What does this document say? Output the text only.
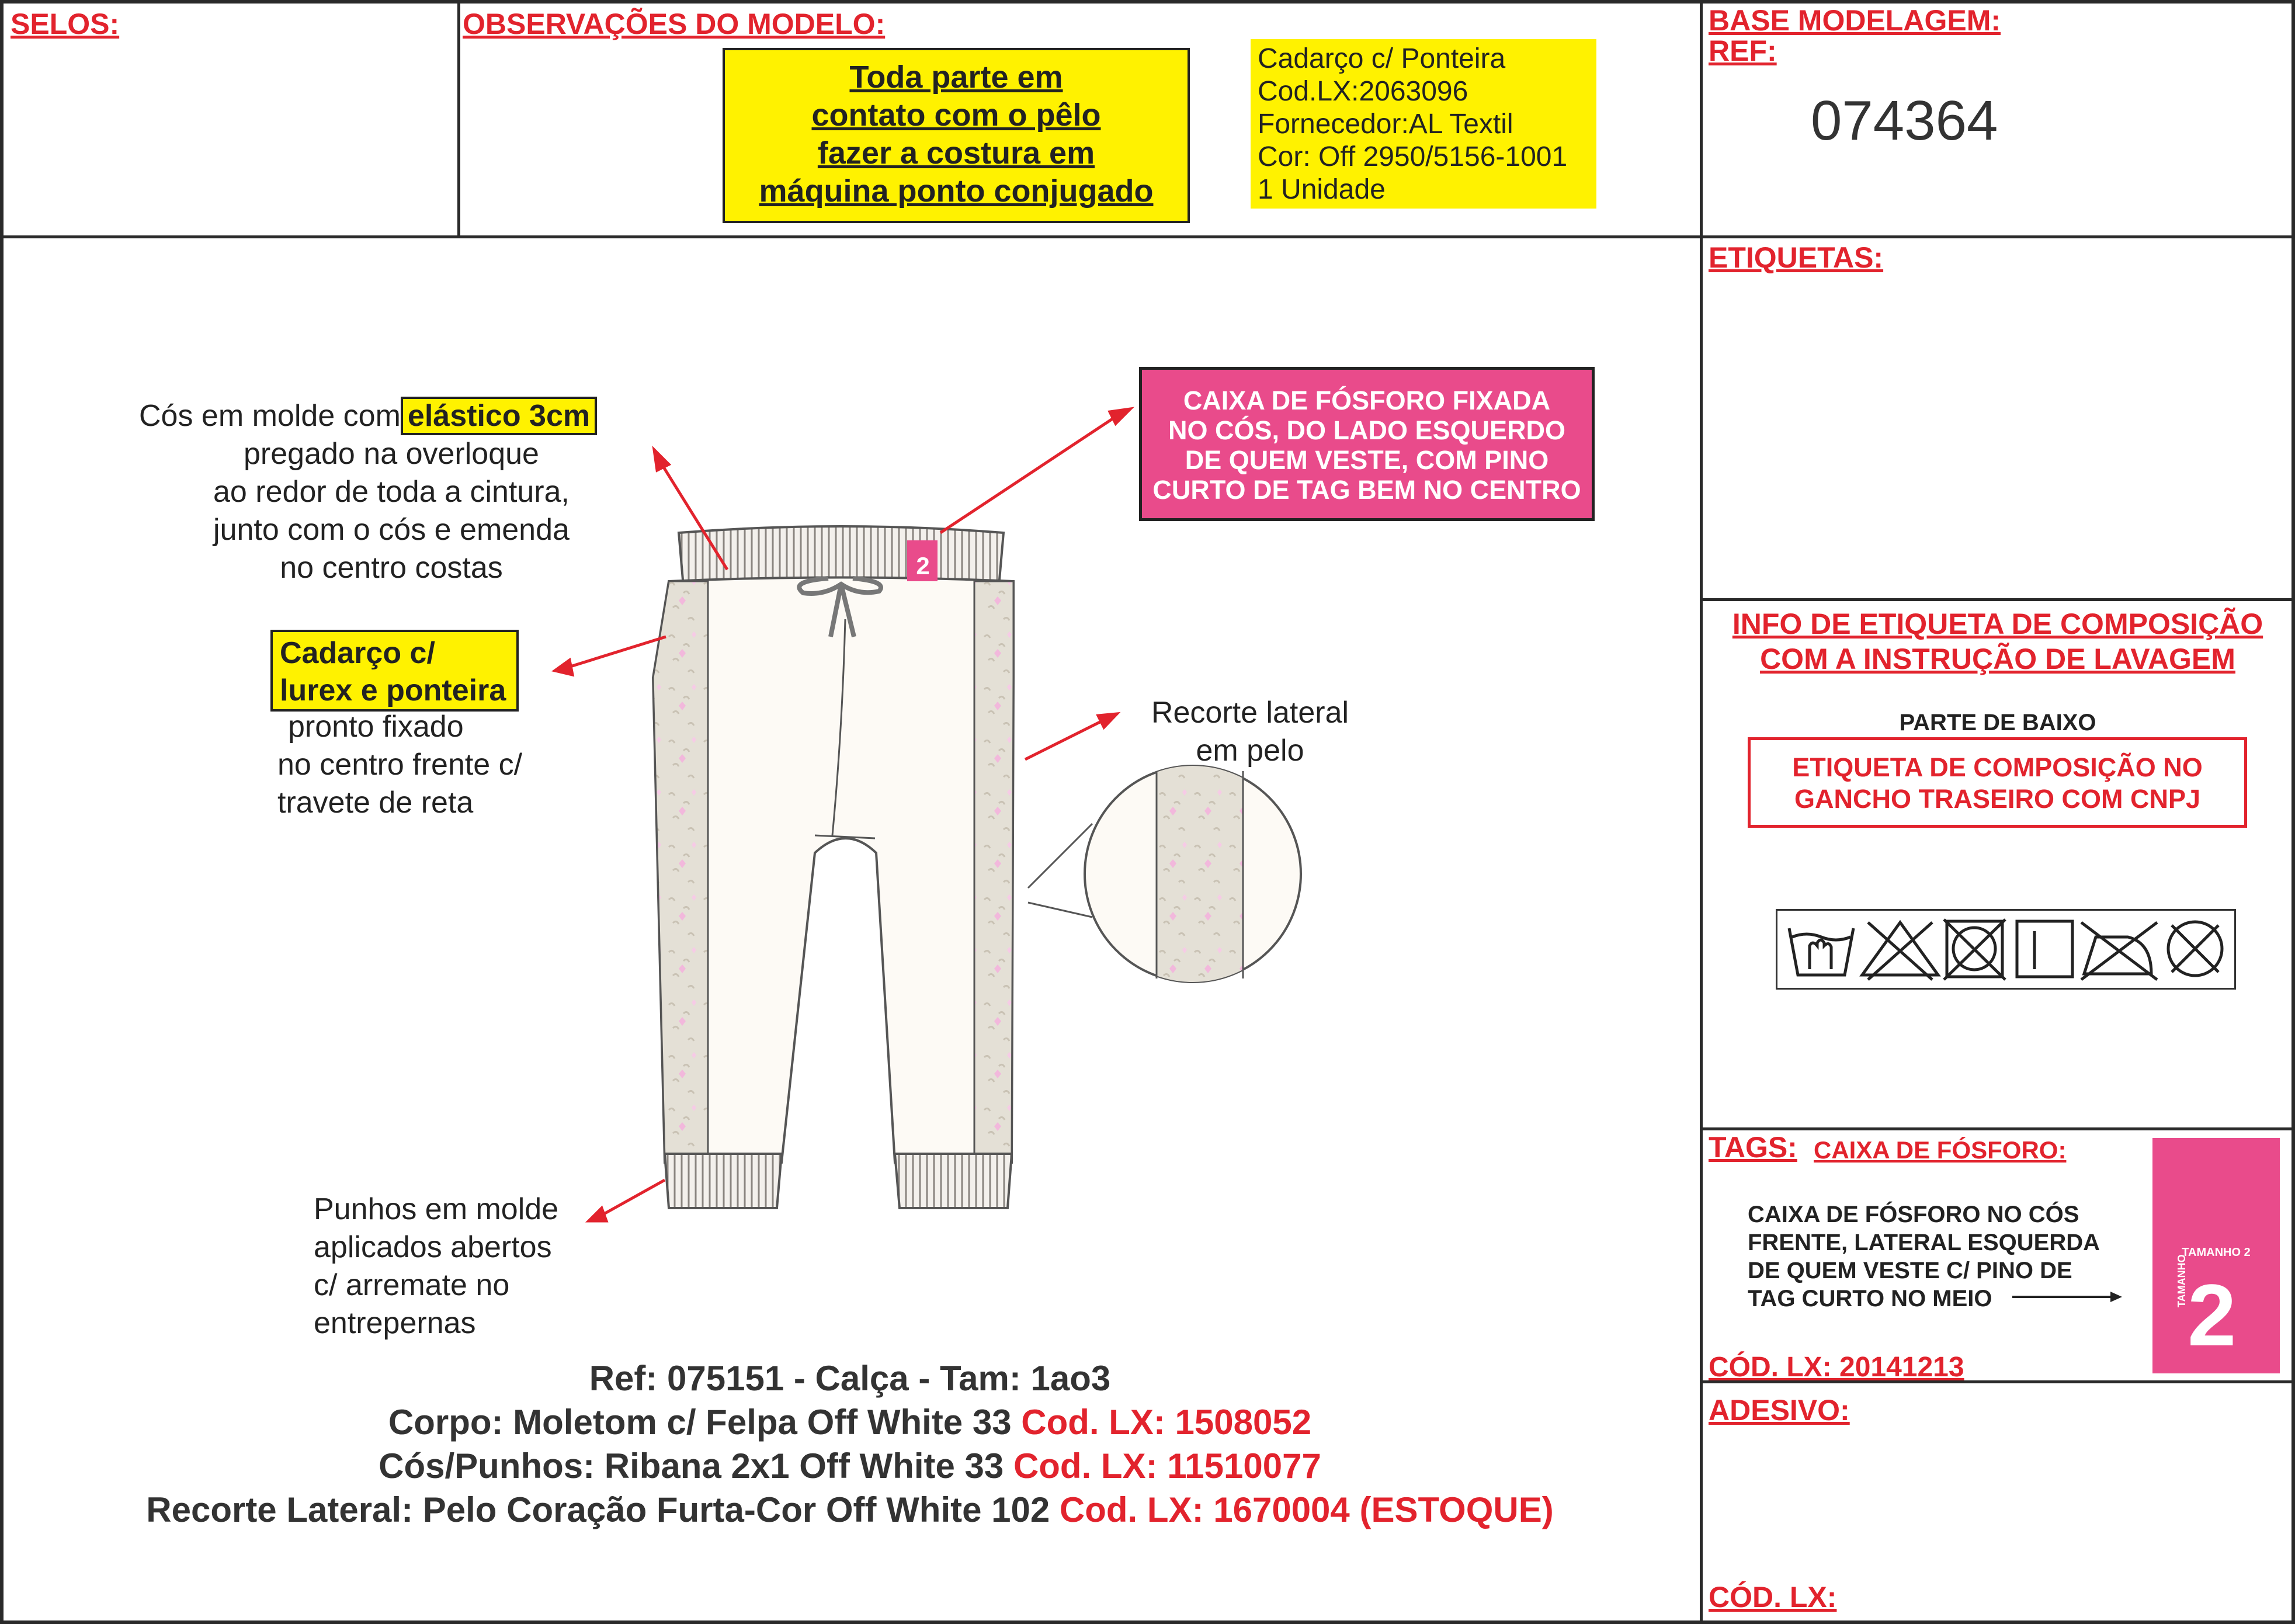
SELOS:	OBSERVAÇÕES DO MODELO:
Toda parte em
contato com o pêlo
fazer a costura em
máquina ponto conjugado
Cadarço c/ Ponteira
Cod.LX:2063096
Fornecedor:AL Textil
Cor: Off 2950/5156-1001
1 Unidade
BASE MODELAGEM:
REF:
074364
2
CAIXA DE FÓSFORO FIXADA
NO CÓS, DO LADO ESQUERDO
DE QUEM VESTE, COM PINO
CURTO DE TAG BEM NO CENTRO
Cós em molde com elástico 3cm
pregado na overloque
ao redor de toda a cintura,
junto com o cós e emenda
no centro costas
Cadarço c/
lurex e ponteira
pronto fixado
no centro frente c/
travete de reta
Recorte lateral
em pelo
Punhos em molde
aplicados abertos
c/ arremate no
entrepernas
Ref: 075151 - Calça - Tam: 1ao3
Corpo: Moletom c/ Felpa Off White 33 Cod. LX: 1508052
Cós/Punhos: Ribana 2x1 Off White 33 Cod. LX: 11510077
Recorte Lateral: Pelo Coração Furta-Cor Off White 102 Cod. LX: 1670004 (ESTOQUE)
ETIQUETAS:
INFO DE ETIQUETA DE COMPOSIÇÃO
COM A INSTRUÇÃO DE LAVAGEM
PARTE DE BAIXO
ETIQUETA DE COMPOSIÇÃO NO
GANCHO TRASEIRO COM CNPJ
TAGS: CAIXA DE FÓSFORO:
CAIXA DE FÓSFORO NO CÓS
FRENTE, LATERAL ESQUERDA
DE QUEM VESTE C/ PINO DE
TAG CURTO NO MEIO
TAMANHO 2
TAMANHO 2
CÓD. LX: 20141213
ADESIVO:
CÓD. LX:
